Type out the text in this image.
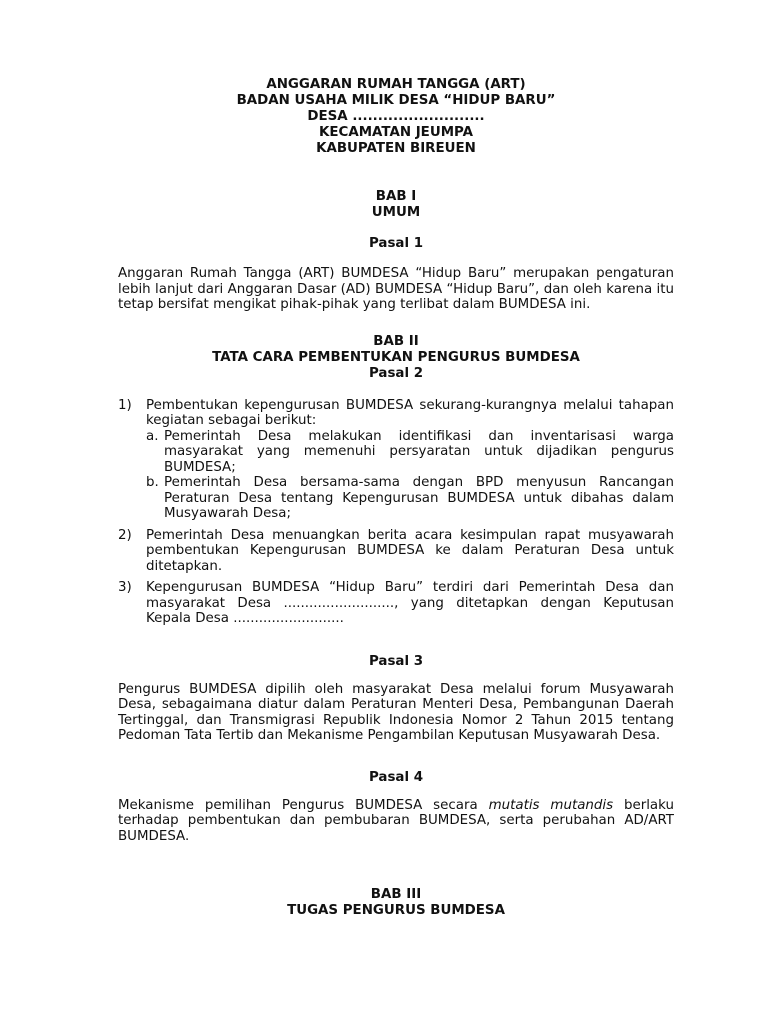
ANGGARAN RUMAH TANGGA (ART)
BADAN USAHA MILIK DESA “HIDUP BARU”
DESA ..........................
KECAMATAN JEUMPA
KABUPATEN BIREUEN
BAB I
UMUM
Pasal 1
Anggaran Rumah Tangga (ART) BUMDESA “Hidup Baru” merupakan pengaturan lebih lanjut dari Anggaran Dasar (AD) BUMDESA “Hidup Baru”, dan oleh karena itu tetap bersifat mengikat pihak-pihak yang terlibat dalam BUMDESA ini.
BAB II
TATA CARA PEMBENTUKAN PENGURUS BUMDESA
Pasal 2
1) Pembentukan kepengurusan BUMDESA sekurang-kurangnya melalui tahapan kegiatan sebagai berikut:
a. Pemerintah Desa melakukan identifikasi dan inventarisasi warga masyarakat yang memenuhi persyaratan untuk dijadikan pengurus BUMDESA;
b. Pemerintah Desa bersama-sama dengan BPD menyusun Rancangan Peraturan Desa tentang Kepengurusan BUMDESA untuk dibahas dalam Musyawarah Desa;
2) Pemerintah Desa menuangkan berita acara kesimpulan rapat musyawarah pembentukan Kepengurusan BUMDESA ke dalam Peraturan Desa untuk ditetapkan.
3) Kepengurusan BUMDESA “Hidup Baru” terdiri dari Pemerintah Desa dan masyarakat Desa .........................., yang ditetapkan dengan Keputusan Kepala Desa ..........................
Pasal 3
Pengurus BUMDESA dipilih oleh masyarakat Desa melalui forum Musyawarah Desa, sebagaimana diatur dalam Peraturan Menteri Desa, Pembangunan Daerah Tertinggal, dan Transmigrasi Republik Indonesia Nomor 2 Tahun 2015 tentang Pedoman Tata Tertib dan Mekanisme Pengambilan Keputusan Musyawarah Desa.
Pasal 4
Mekanisme pemilihan Pengurus BUMDESA secara mutatis mutandis berlaku terhadap pembentukan dan pembubaran BUMDESA, serta perubahan AD/ART BUMDESA.
BAB III
TUGAS PENGURUS BUMDESA
